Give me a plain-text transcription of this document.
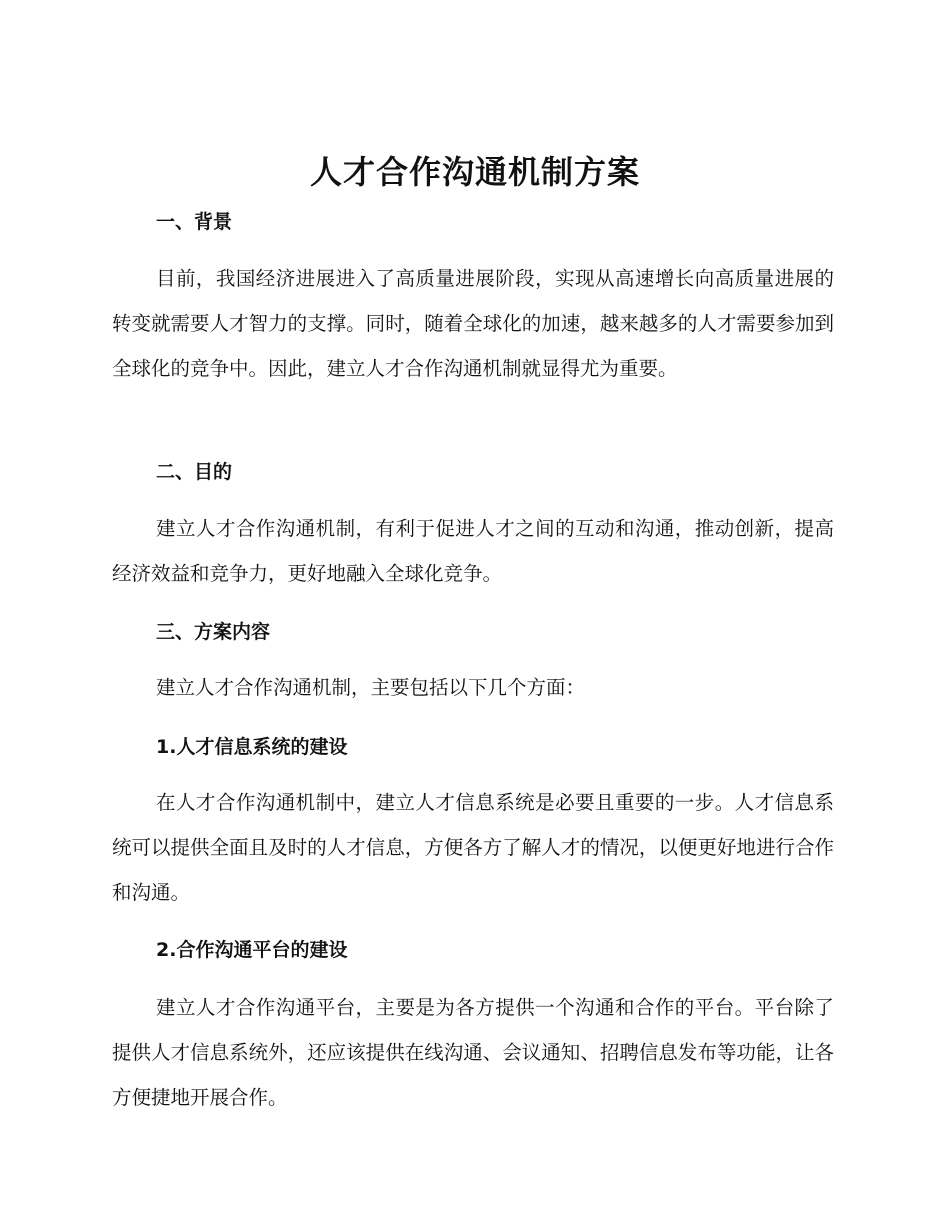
人才合作沟通机制方案
一、背景

目前，我国经济进展进入了高质量进展阶段，实现从高速增长向高质量进展的转变就需要人才智力的支撑。同时，随着全球化的加速，越来越多的人才需要参加到全球化的竞争中。因此，建立人才合作沟通机制就显得尤为重要。

二、目的

建立人才合作沟通机制，有利于促进人才之间的互动和沟通，推动创新，提高经济效益和竞争力，更好地融入全球化竞争。

三、方案内容

建立人才合作沟通机制，主要包括以下几个方面：

1.人才信息系统的建设

在人才合作沟通机制中，建立人才信息系统是必要且重要的一步。人才信息系统可以提供全面且及时的人才信息，方便各方了解人才的情况，以便更好地进行合作和沟通。

2.合作沟通平台的建设

建立人才合作沟通平台，主要是为各方提供一个沟通和合作的平台。平台除了提供人才信息系统外，还应该提供在线沟通、会议通知、招聘信息发布等功能，让各方便捷地开展合作。
